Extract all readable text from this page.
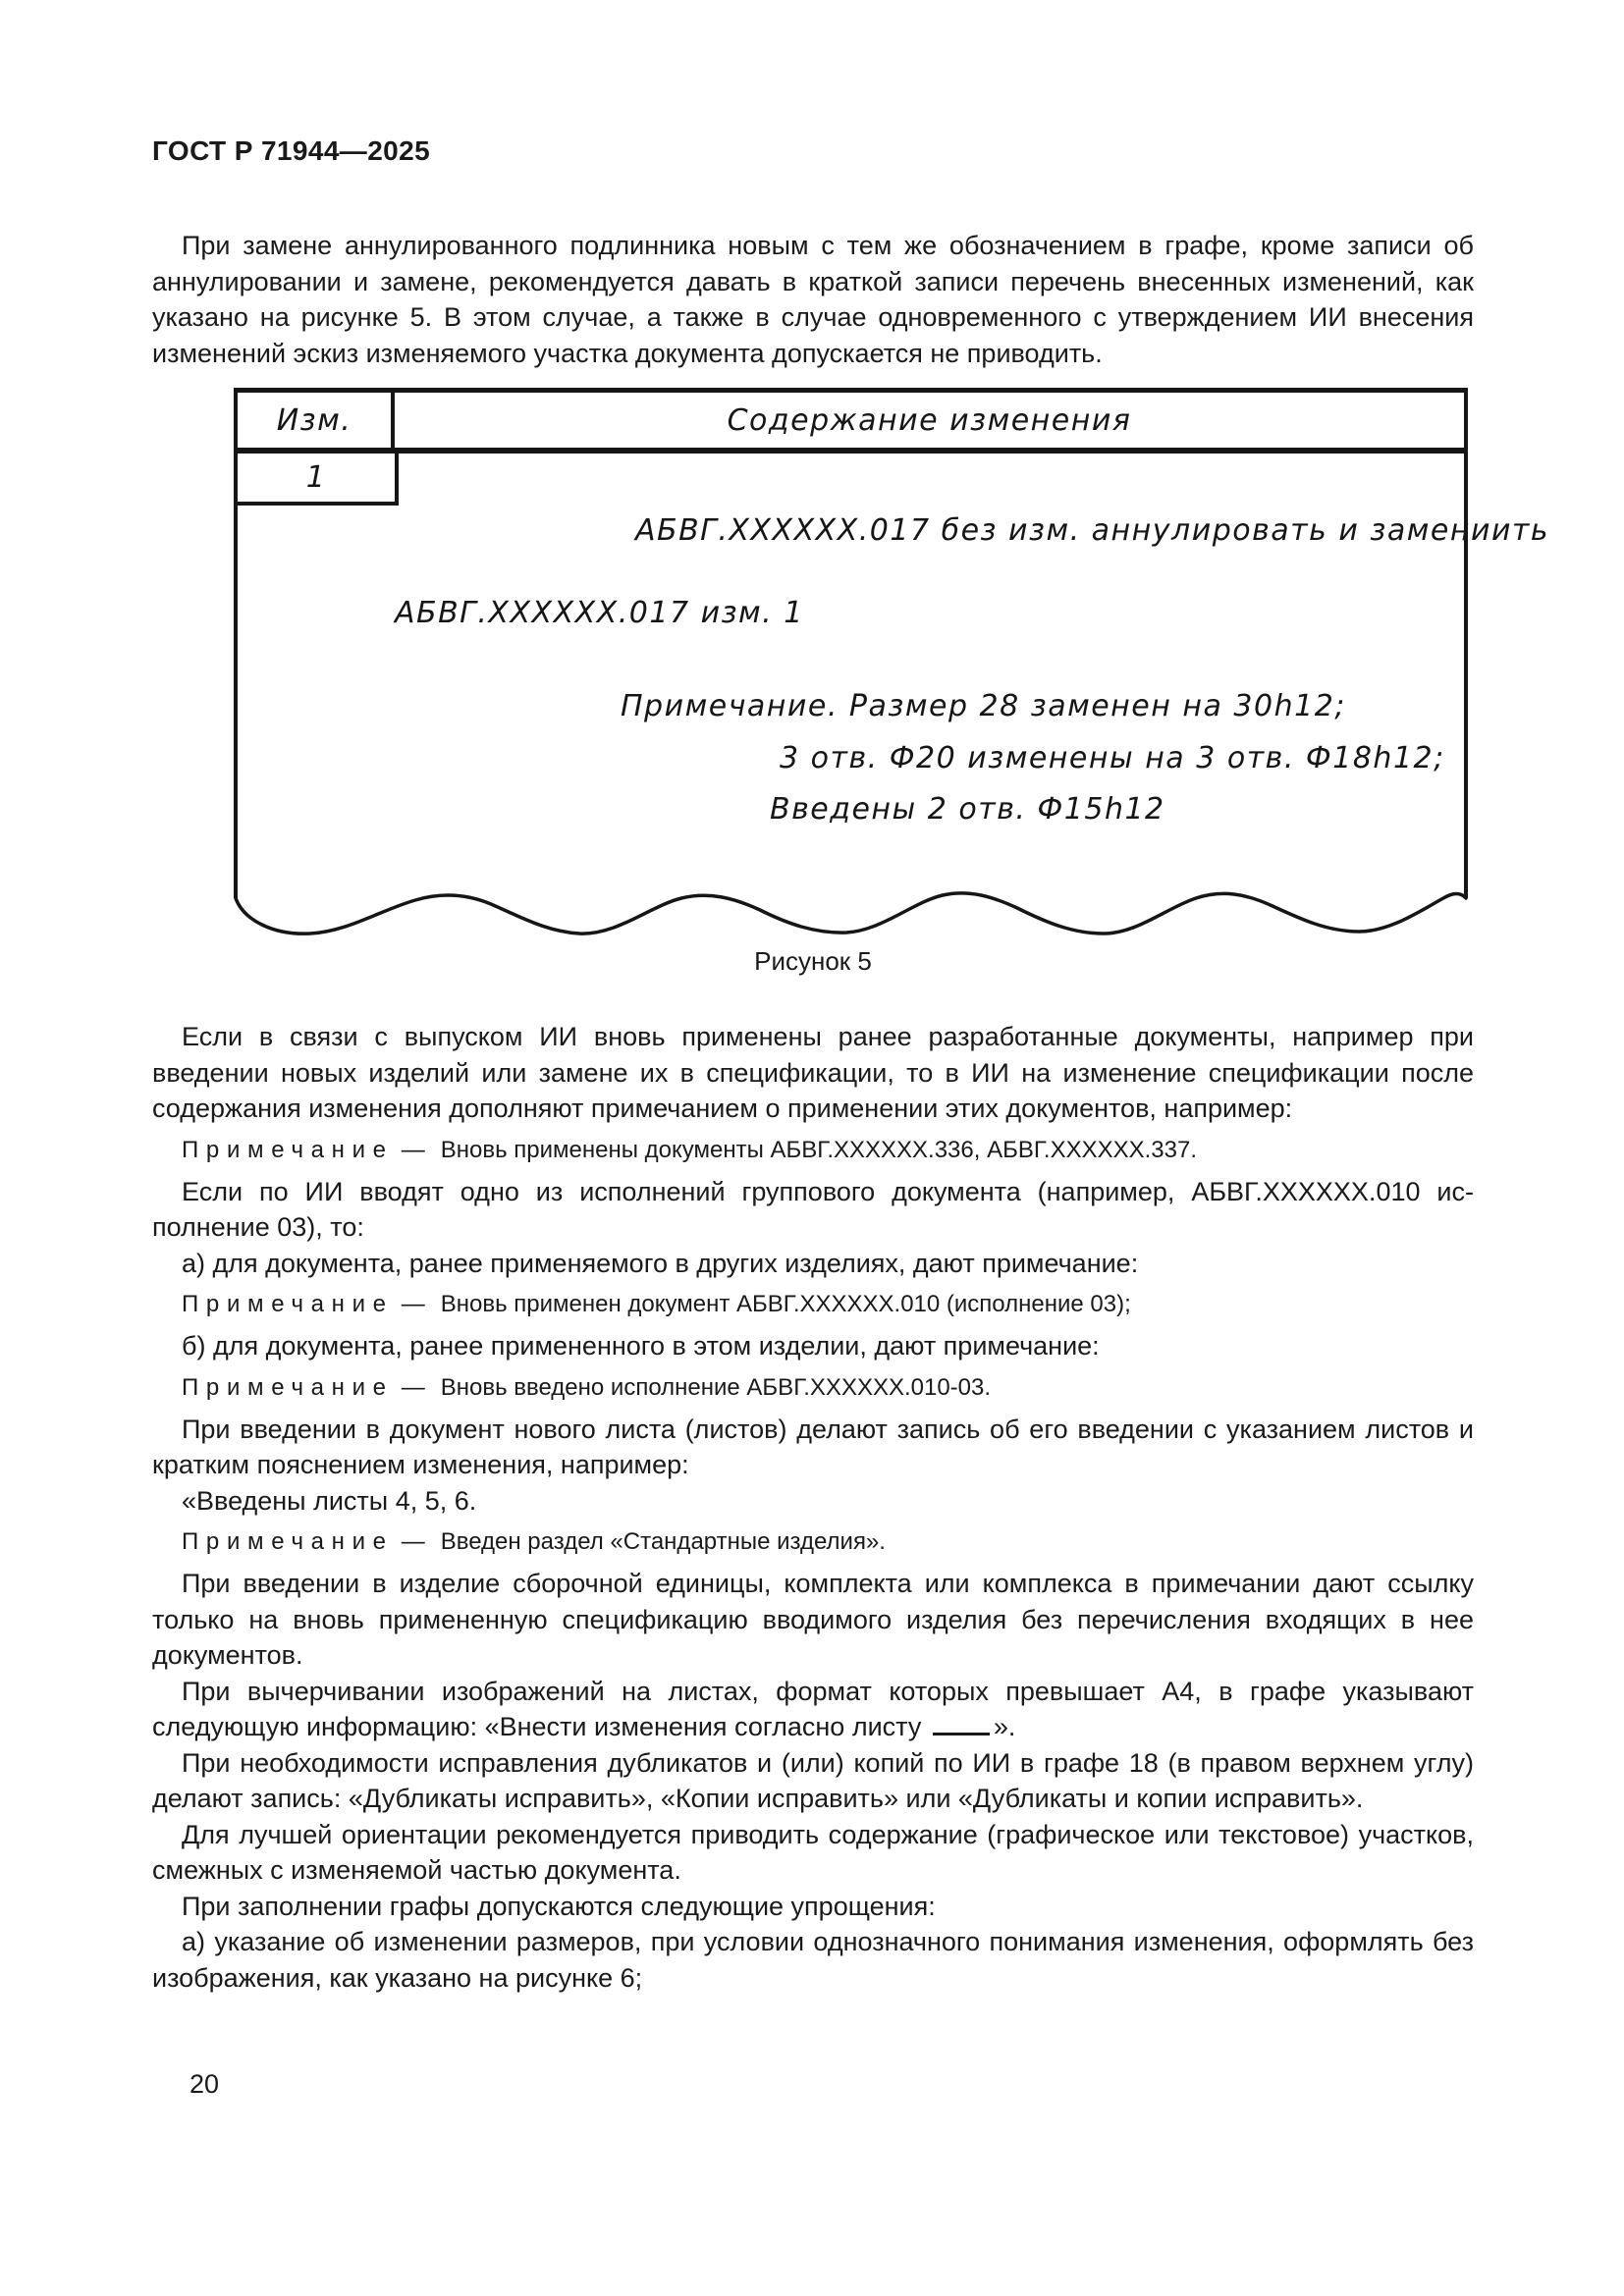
ГОСТ Р 71944—2025

При замене аннулированного подлинника новым с тем же обозначением в графе, кроме записи об аннулировании и замене, рекомендуется давать в краткой записи перечень внесенных изменений, как указано на рисунке 5. В этом случае, а также в случае одновременного с утверждением ИИ внесения изменений эскиз изменяемого участка документа допускается не приводить.

Изм.	Содержание изменения
1
АБВГ.XXXXXX.017 без изм. аннулировать и замениить
АБВГ.XXXXXX.017 изм. 1
Примечание. Размер 28 заменен на 30h12;
3 отв. Ф20 изменены на 3 отв. Ф18h12;
Введены 2 отв. Ф15h12
Рисунок 5

Если в связи с выпуском ИИ вновь применены ранее разработанные документы, например при введении новых изделий или замене их в спецификации, то в ИИ на изменение спецификации после содержания изменения дополняют примечанием о применении этих документов, например:

Примечание — Вновь применены документы АБВГ.XXXXXX.336, АБВГ.XXXXXX.337.

Если по ИИ вводят одно из исполнений группового документа (например, АБВГ.XXXXXX.010 исполнение 03), то:

а) для документа, ранее применяемого в других изделиях, дают примечание:

Примечание — Вновь применен документ АБВГ.XXXXXX.010 (исполнение 03);

б) для документа, ранее примененного в этом изделии, дают примечание:

Примечание — Вновь введено исполнение АБВГ.XXXXXX.010-03.

При введении в документ нового листа (листов) делают запись об его введении с указанием листов и кратким пояснением изменения, например:

«Введены листы 4, 5, 6.

Примечание — Введен раздел «Стандартные изделия».

При введении в изделие сборочной единицы, комплекта или комплекса в примечании дают ссылку только на вновь примененную спецификацию вводимого изделия без перечисления входящих в нее документов.

При вычерчивании изображений на листах, формат которых превышает А4, в графе указывают следующую информацию: «Внести изменения согласно листу	».

При необходимости исправления дубликатов и (или) копий по ИИ в графе 18 (в правом верхнем углу) делают запись: «Дубликаты исправить», «Копии исправить» или «Дубликаты и копии исправить».

Для лучшей ориентации рекомендуется приводить содержание (графическое или текстовое) участков, смежных с изменяемой частью документа.

При заполнении графы допускаются следующие упрощения:

а) указание об изменении размеров, при условии однозначного понимания изменения, оформлять без изображения, как указано на рисунке 6;

20
